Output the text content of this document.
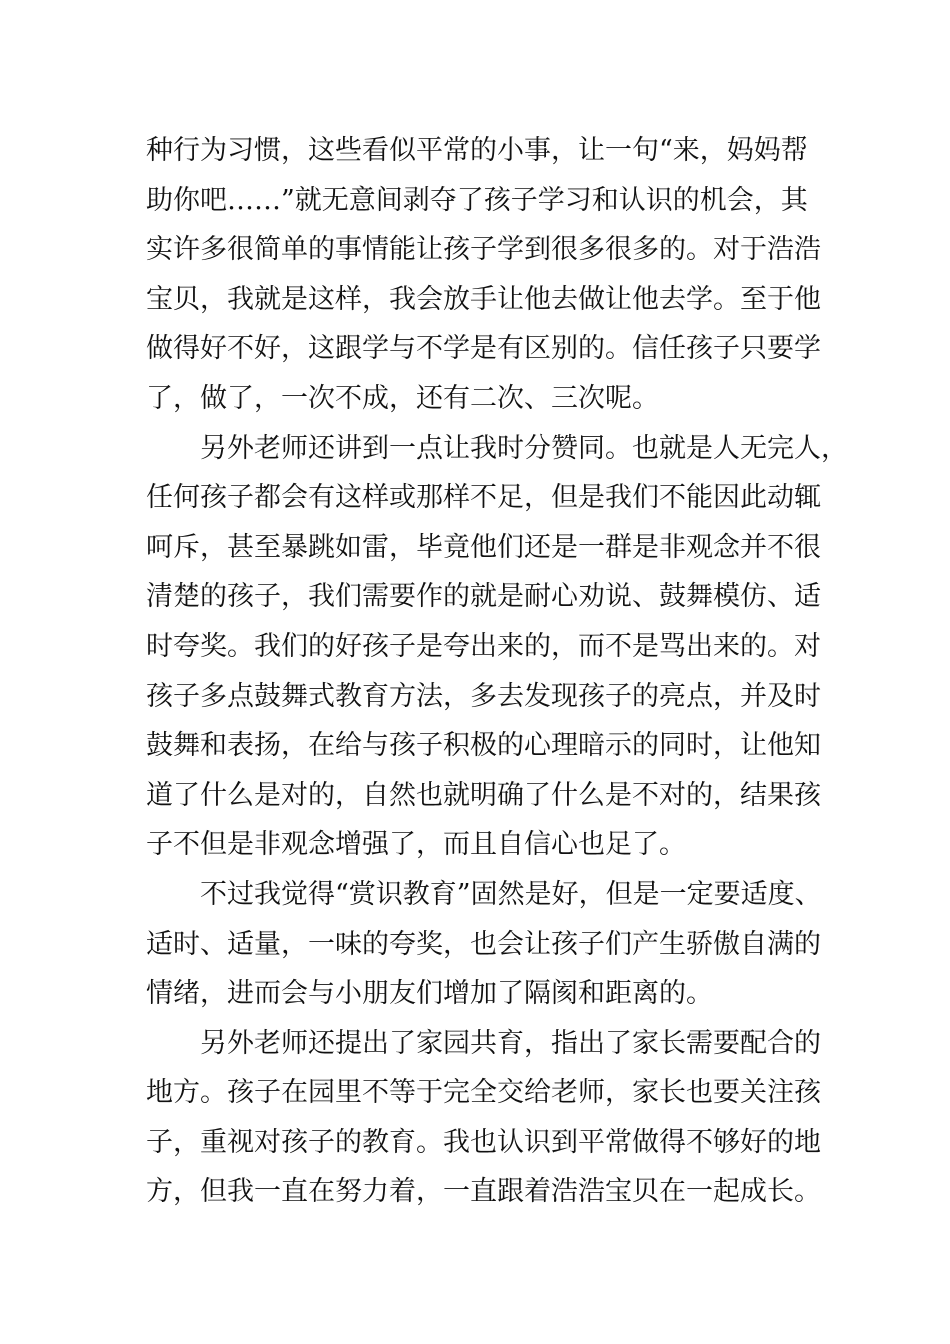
种行为习惯，这些看似平常的小事，让一句“来，妈妈帮
助你吧……”就无意间剥夺了孩子学习和认识的机会，其
实许多很简单的事情能让孩子学到很多很多的。对于浩浩
宝贝，我就是这样，我会放手让他去做让他去学。至于他
做得好不好，这跟学与不学是有区别的。信任孩子只要学
了，做了，一次不成，还有二次、三次呢。

另外老师还讲到一点让我时分赞同。也就是人无完人，
任何孩子都会有这样或那样不足，但是我们不能因此动辄
呵斥，甚至暴跳如雷，毕竟他们还是一群是非观念并不很
清楚的孩子，我们需要作的就是耐心劝说、鼓舞模仿、适
时夸奖。我们的好孩子是夸出来的，而不是骂出来的。对
孩子多点鼓舞式教育方法，多去发现孩子的亮点，并及时
鼓舞和表扬，在给与孩子积极的心理暗示的同时，让他知
道了什么是对的，自然也就明确了什么是不对的，结果孩
子不但是非观念增强了，而且自信心也足了。

不过我觉得“赏识教育”固然是好，但是一定要适度、
适时、适量，一味的夸奖，也会让孩子们产生骄傲自满的
情绪，进而会与小朋友们增加了隔阂和距离的。

另外老师还提出了家园共育，指出了家长需要配合的
地方。孩子在园里不等于完全交给老师，家长也要关注孩
子，重视对孩子的教育。我也认识到平常做得不够好的地
方，但我一直在努力着，一直跟着浩浩宝贝在一起成长。
